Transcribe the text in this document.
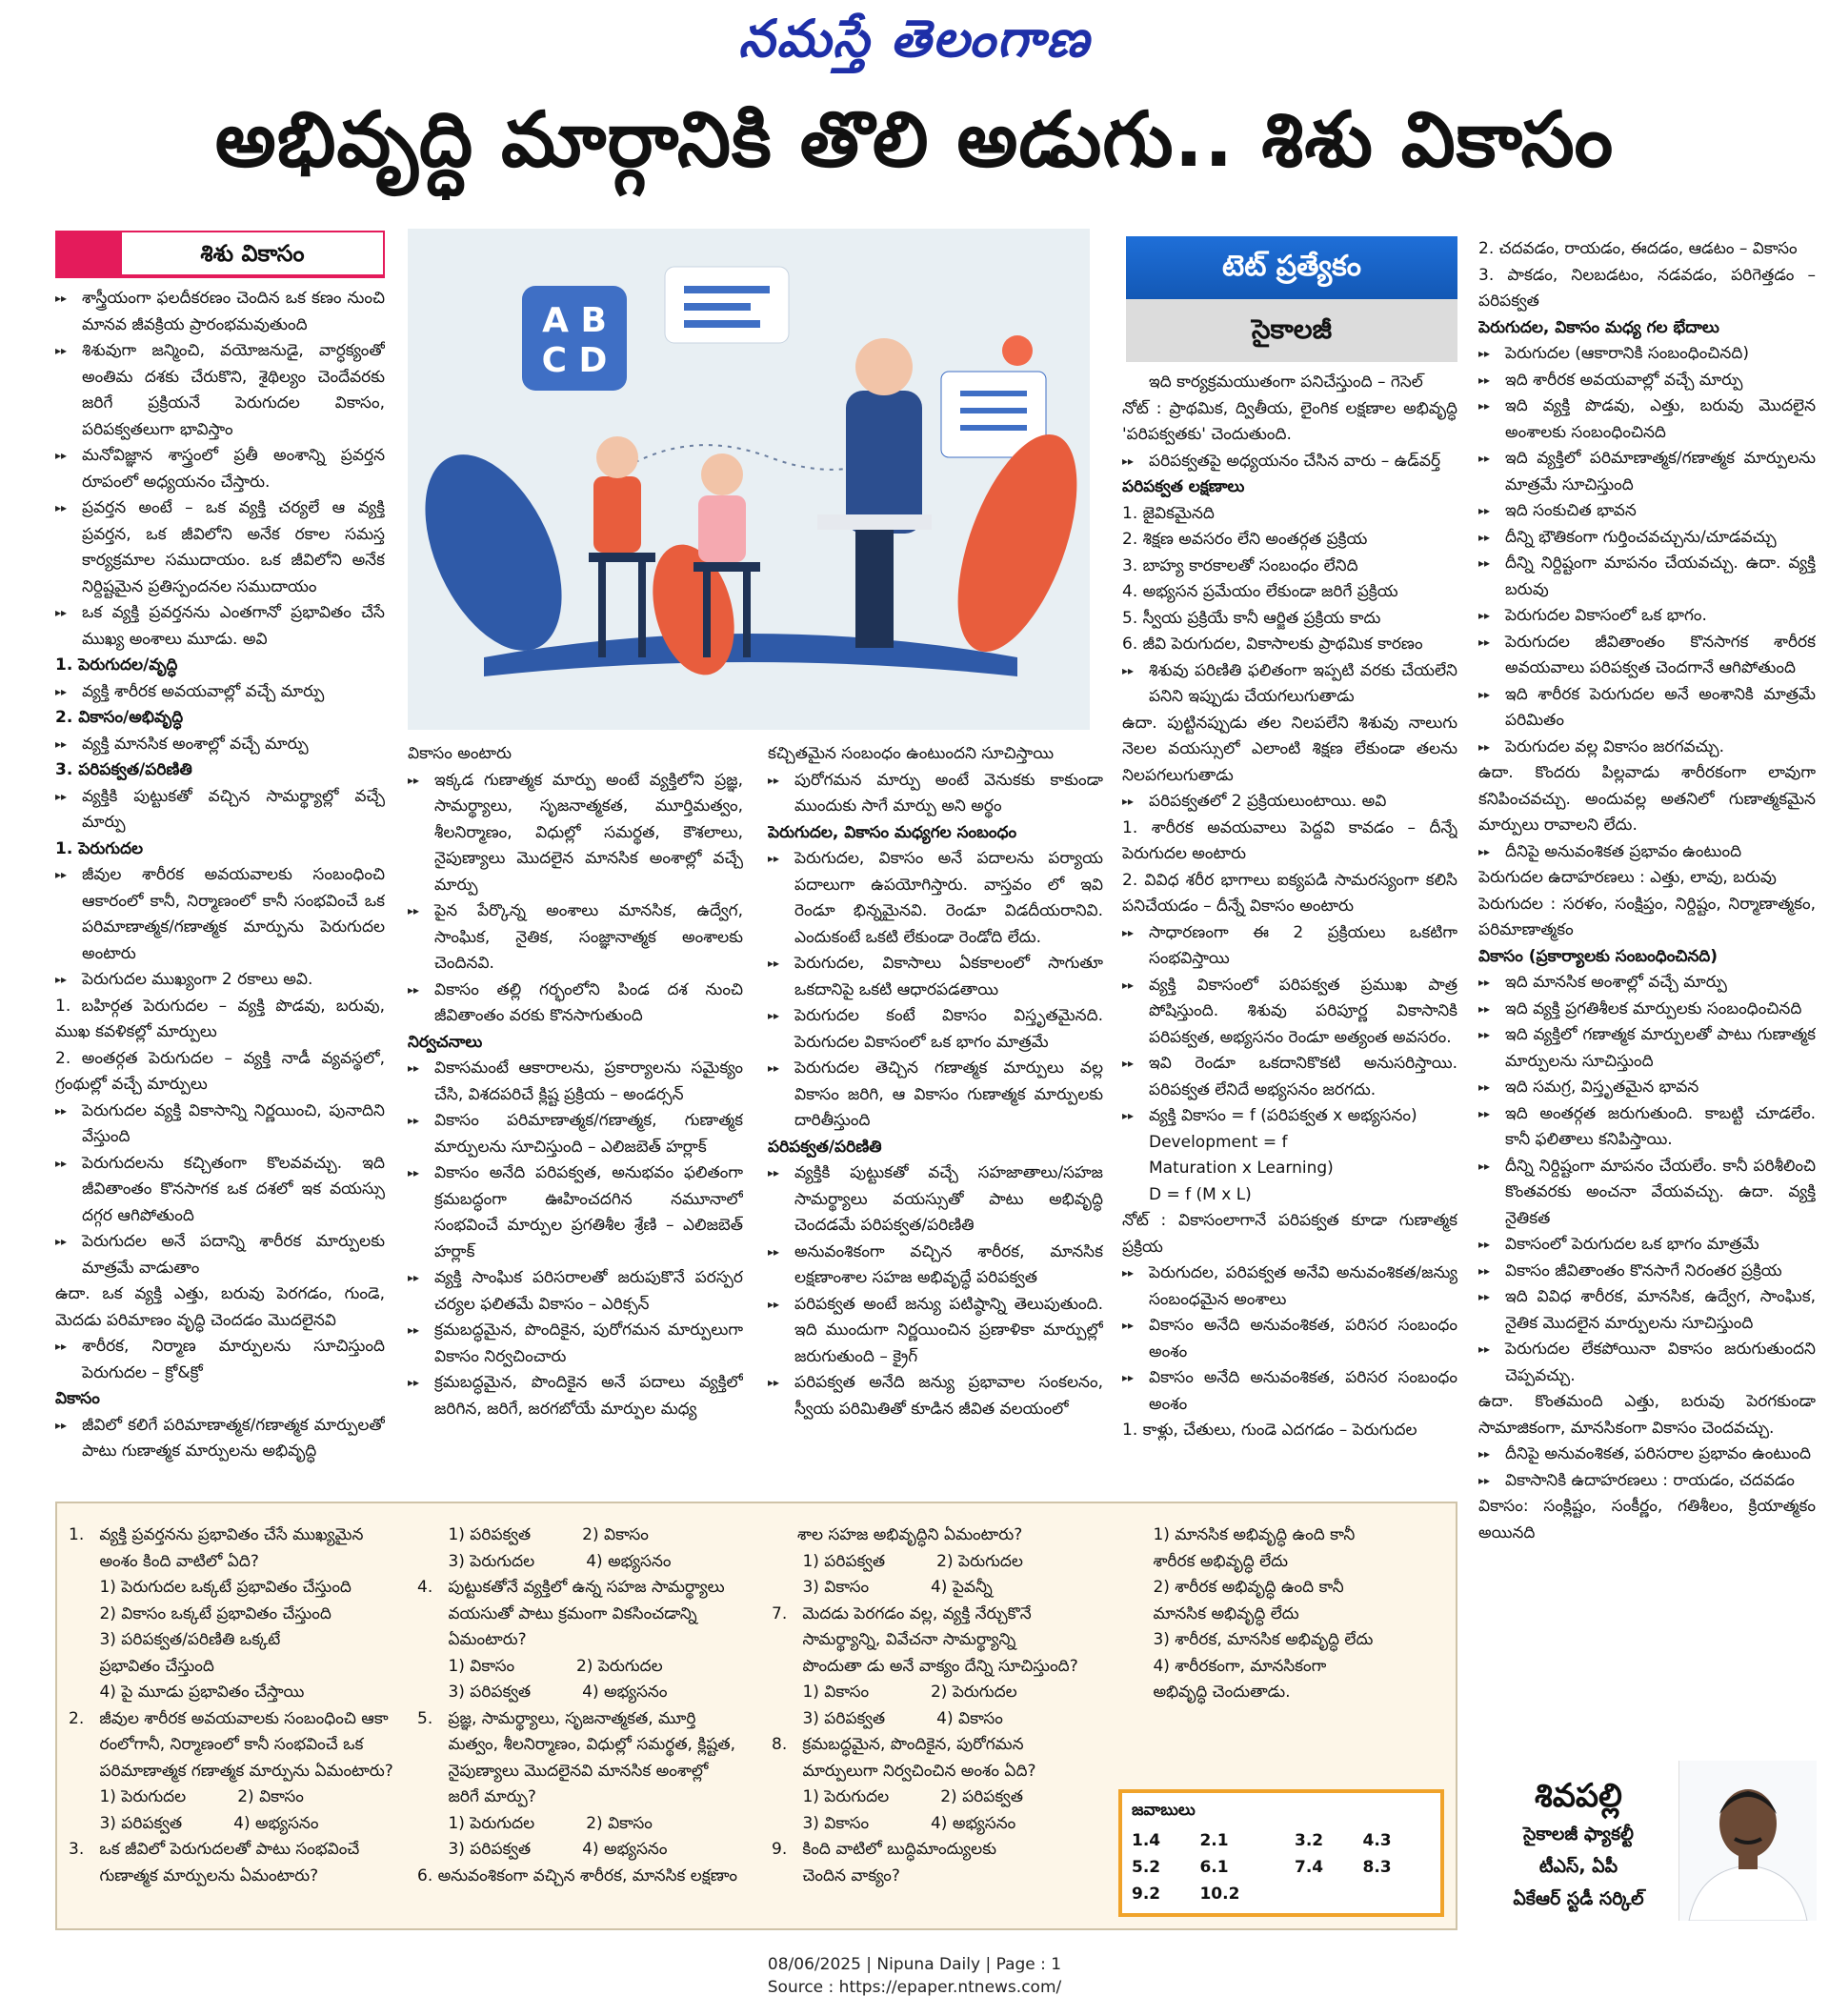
నమస్తే తెలంగాణ
అభివృద్ధి మార్గానికి తొలి అడుగు.. శిశు వికాసం
శిశు వికాసం

▸▸ శాస్త్రీయంగా ఫలదీకరణం చెందిన ఒక కణం నుంచి మానవ జీవక్రియ ప్రారంభమవుతుంది

▸▸ శిశువుగా జన్మించి, వయోజనుడై, వార్ధక్యంతో అంతిమ దశకు చేరుకొని, శైథిల్యం చెందేవరకు జరిగే ప్రక్రియనే పెరుగుదల వికాసం, పరిపక్వతలుగా భావిస్తాం

▸▸ మనోవిజ్ఞాన శాస్త్రంలో ప్రతీ అంశాన్ని ప్రవర్తన రూపంలో అధ్యయనం చేస్తారు.

▸▸ ప్రవర్తన అంటే – ఒక వ్యక్తి చర్యలే ఆ వ్యక్తి ప్రవర్తన, ఒక జీవిలోని అనేక రకాల సమస్త కార్యక్రమాల సముదాయం. ఒక జీవిలోని అనేక నిర్దిష్టమైన ప్రతిస్పందనల సముదాయం

▸▸ ఒక వ్యక్తి ప్రవర్తనను ఎంతగానో ప్రభావితం చేసే ముఖ్య అంశాలు మూడు. అవి

1. పెరుగుదల/వృద్ధి

▸▸ వ్యక్తి శారీరక అవయవాల్లో వచ్చే మార్పు

2. వికాసం/అభివృద్ధి

▸▸ వ్యక్తి మానసిక అంశాల్లో వచ్చే మార్పు

3. పరిపక్వత/పరిణితి

▸▸ వ్యక్తికి పుట్టుకతో వచ్చిన సామర్థ్యాల్లో వచ్చే మార్పు

1. పెరుగుదల

▸▸ జీవుల శారీరక అవయవాలకు సంబంధించి ఆకారంలో కానీ, నిర్మాణంలో కానీ సంభవించే ఒక పరిమాణాత్మక/గణాత్మక మార్పును పెరుగుదల అంటారు

▸▸ పెరుగుదల ముఖ్యంగా 2 రకాలు అవి.

1. బహిర్గత పెరుగుదల – వ్యక్తి పొడవు, బరువు, ముఖ కవళికల్లో మార్పులు

2. అంతర్గత పెరుగుదల – వ్యక్తి నాడీ వ్యవస్థలో, గ్రంథుల్లో వచ్చే మార్పులు

▸▸ పెరుగుదల వ్యక్తి వికాసాన్ని నిర్ణయించి, పునాదిని వేస్తుంది

▸▸ పెరుగుదలను కచ్చితంగా కొలవవచ్చు. ఇది జీవితాంతం కొనసాగక ఒక దశలో ఇక వయస్సు దగ్గర ఆగిపోతుంది

▸▸ పెరుగుదల అనే పదాన్ని శారీరక మార్పులకు మాత్రమే వాడుతాం

ఉదా. ఒక వ్యక్తి ఎత్తు, బరువు పెరగడం, గుండె, మెదడు పరిమాణం వృద్ధి చెందడం మొదలైనవి

▸▸ శారీరక, నిర్మాణ మార్పులను సూచిస్తుంది పెరుగుదల – క్రో&క్రో

వికాసం

▸▸ జీవిలో కలిగే పరిమాణాత్మక/గణాత్మక మార్పులతో పాటు గుణాత్మక మార్పులను అభివృద్ధి

A B
C D

వికాసం అంటారు

▸▸ ఇక్కడ గుణాత్మక మార్పు అంటే వ్యక్తిలోని ప్రజ్ఞ, సామర్థ్యాలు, సృజనాత్మకత, మూర్తిమత్వం, శీలనిర్మాణం, విధుల్లో సమర్థత, కౌశలాలు, నైపుణ్యాలు మొదలైన మానసిక అంశాల్లో వచ్చే మార్పు

▸▸ పైన పేర్కొన్న అంశాలు మానసిక, ఉద్వేగ, సాంఘిక, నైతిక, సంజ్ఞానాత్మక అంశాలకు చెందినవి.

▸▸ వికాసం తల్లి గర్భంలోని పిండ దశ నుంచి జీవితాంతం వరకు కొనసాగుతుంది

నిర్వచనాలు

▸▸ వికాసమంటే ఆకారాలను, ప్రకార్యాలను సమైక్యం చేసి, విశదపరిచే క్లిష్ట ప్రక్రియ – అండర్సన్

▸▸ వికాసం పరిమాణాత్మక/గణాత్మక, గుణాత్మక మార్పులను సూచిస్తుంది – ఎలిజబెత్ హర్లాక్

▸▸ వికాసం అనేది పరిపక్వత, అనుభవం ఫలితంగా క్రమబద్ధంగా ఊహించదగిన నమూనాలో సంభవించే మార్పుల ప్రగతిశీల శ్రేణి – ఎలిజబెత్ హర్లాక్

▸▸ వ్యక్తి సాంఘిక పరిసరాలతో జరుపుకొనే పరస్పర చర్యల ఫలితమే వికాసం – ఎరిక్సన్

▸▸ క్రమబద్ధమైన, పొందికైన, పురోగమన మార్పులుగా వికాసం నిర్వచించారు

▸▸ క్రమబద్ధమైన, పొందికైన అనే పదాలు వ్యక్తిలో జరిగిన, జరిగే, జరగబోయే మార్పుల మధ్య

కచ్చితమైన సంబంధం ఉంటుందని సూచిస్తాయి

▸▸ పురోగమన మార్పు అంటే వెనుకకు కాకుండా ముందుకు సాగే మార్పు అని అర్థం

పెరుగుదల, వికాసం మధ్యగల సంబంధం

▸▸ పెరుగుదల, వికాసం అనే పదాలను పర్యాయ పదాలుగా ఉపయోగిస్తారు. వాస్తవం లో ఇవి రెండూ భిన్నమైనవి. రెండూ విడదీయరానివి. ఎందుకంటే ఒకటి లేకుండా రెండోది లేదు.

▸▸ పెరుగుదల, వికాసాలు ఏకకాలంలో సాగుతూ ఒకదానిపై ఒకటి ఆధారపడతాయి

▸▸ పెరుగుదల కంటే వికాసం విస్తృతమైనది. పెరుగుదల వికాసంలో ఒక భాగం మాత్రమే

▸▸ పెరుగుదల తెచ్చిన గణాత్మక మార్పులు వల్ల వికాసం జరిగి, ఆ వికాసం గుణాత్మక మార్పులకు దారితీస్తుంది

పరిపక్వత/పరిణితి

▸▸ వ్యక్తికి పుట్టుకతో వచ్చే సహజాతాలు/సహజ సామర్థ్యాలు వయస్సుతో పాటు అభివృద్ధి చెందడమే పరిపక్వత/పరిణితి

▸▸ అనువంశికంగా వచ్చిన శారీరక, మానసిక లక్షణాంశాల సహజ అభివృద్ధే పరిపక్వత

▸▸ పరిపక్వత అంటే జన్యు పటిష్ఠాన్ని తెలుపుతుంది. ఇది ముందుగా నిర్ణయించిన ప్రణాళికా మార్పుల్లో జరుగుతుంది – క్రైగ్

▸▸ పరిపక్వత అనేది జన్యు ప్రభావాల సంకలనం, స్వీయ పరిమితితో కూడిన జీవిత వలయంలో

టెట్ ప్రత్యేకం
సైకాలజీ

ఇది కార్యక్రమయుతంగా పనిచేస్తుంది – గెసెల్

నోట్ : ప్రాథమిక, ద్వితీయ, లైంగిక లక్షణాల అభివృద్ధి 'పరిపక్వతకు' చెందుతుంది.

▸▸ పరిపక్వతపై అధ్యయనం చేసిన వారు – ఉడ్‌వర్త్

పరిపక్వత లక్షణాలు

1. జైవికమైనది

2. శిక్షణ అవసరం లేని అంతర్గత ప్రక్రియ

3. బాహ్య కారకాలతో సంబంధం లేనిది

4. అభ్యసన ప్రమేయం లేకుండా జరిగే ప్రక్రియ

5. స్వీయ ప్రక్రియే కానీ ఆర్జిత ప్రక్రియ కాదు

6. జీవి పెరుగుదల, వికాసాలకు ప్రాథమిక కారణం

▸▸ శిశువు పరిణితి ఫలితంగా ఇప్పటి వరకు చేయలేని పనిని ఇప్పుడు చేయగలుగుతాడు

ఉదా. పుట్టినప్పుడు తల నిలపలేని శిశువు నాలుగు నెలల వయస్సులో ఎలాంటి శిక్షణ లేకుండా తలను నిలపగలుగుతాడు

▸▸ పరిపక్వతలో 2 ప్రక్రియలుంటాయి. అవి

1. శారీరక అవయవాలు పెద్దవి కావడం – దీన్నే పెరుగుదల అంటారు

2. వివిధ శరీర భాగాలు ఐక్యపడి సామరస్యంగా కలిసి పనిచేయడం – దీన్నే వికాసం అంటారు

▸▸ సాధారణంగా ఈ 2 ప్రక్రియలు ఒకటిగా సంభవిస్తాయి

▸▸ వ్యక్తి వికాసంలో పరిపక్వత ప్రముఖ పాత్ర పోషిస్తుంది. శిశువు పరిపూర్ణ వికాసానికి పరిపక్వత, అభ్యసనం రెండూ అత్యంత అవసరం.

▸▸ ఇవి రెండూ ఒకదానికొకటి అనుసరిస్తాయి. పరిపక్వత లేనిదే అభ్యసనం జరగదు.

▸▸ వ్యక్తి వికాసం = f (పరిపక్వత x అభ్యసనం)

Development = f

Maturation x Learning)

D = f (M x L)

నోట్ : వికాసంలాగానే పరిపక్వత కూడా గుణాత్మక ప్రక్రియ

▸▸ పెరుగుదల, పరిపక్వత అనేవి అనువంశికత/జన్యు సంబంధమైన అంశాలు

▸▸ వికాసం అనేది అనువంశికత, పరిసర సంబంధం అంశం

▸▸ వికాసం అనేది అనువంశికత, పరిసర సంబంధం అంశం

1. కాళ్లు, చేతులు, గుండె ఎదగడం – పెరుగుదల

2. చదవడం, రాయడం, ఈదడం, ఆడటం – వికాసం

3. పాకడం, నిలబడటం, నడవడం, పరిగెత్తడం – పరిపక్వత

పెరుగుదల, వికాసం మధ్య గల భేదాలు

▸▸ పెరుగుదల (ఆకారానికి సంబంధించినది)

▸▸ ఇది శారీరక అవయవాల్లో వచ్చే మార్పు

▸▸ ఇది వ్యక్తి పొడవు, ఎత్తు, బరువు మొదలైన అంశాలకు సంబంధించినది

▸▸ ఇది వ్యక్తిలో పరిమాణాత్మక/గణాత్మక మార్పులను మాత్రమే సూచిస్తుంది

▸▸ ఇది సంకుచిత భావన

▸▸ దీన్ని భౌతికంగా గుర్తించవచ్చును/చూడవచ్చు

▸▸ దీన్ని నిర్దిష్టంగా మాపనం చేయవచ్చు. ఉదా. వ్యక్తి బరువు

▸▸ పెరుగుదల వికాసంలో ఒక భాగం.

▸▸ పెరుగుదల జీవితాంతం కొనసాగక శారీరక అవయవాలు పరిపక్వత చెందగానే ఆగిపోతుంది

▸▸ ఇది శారీరక పెరుగుదల అనే అంశానికి మాత్రమే పరిమితం

▸▸ పెరుగుదల వల్ల వికాసం జరగవచ్చు.

ఉదా. కొందరు పిల్లవాడు శారీరకంగా లావుగా కనిపించవచ్చు. అందువల్ల అతనిలో గుణాత్మకమైన మార్పులు రావాలని లేదు.

▸▸ దీనిపై అనువంశికత ప్రభావం ఉంటుంది

పెరుగుదల ఉదాహరణలు : ఎత్తు, లావు, బరువు

పెరుగుదల : సరళం, సంక్షిప్తం, నిర్దిష్టం, నిర్మాణాత్మకం, పరిమాణాత్మకం

వికాసం (ప్రకార్యాలకు సంబంధించినది)

▸▸ ఇది మానసిక అంశాల్లో వచ్చే మార్పు

▸▸ ఇది వ్యక్తి ప్రగతిశీలక మార్పులకు సంబంధించినది

▸▸ ఇది వ్యక్తిలో గణాత్మక మార్పులతో పాటు గుణాత్మక మార్పులను సూచిస్తుంది

▸▸ ఇది సమగ్ర, విస్తృతమైన భావన

▸▸ ఇది అంతర్గత జరుగుతుంది. కాబట్టి చూడలేం. కానీ ఫలితాలు కనిపిస్తాయి.

▸▸ దీన్ని నిర్దిష్టంగా మాపనం చేయలేం. కానీ పరిశీలించి కొంతవరకు అంచనా వేయవచ్చు. ఉదా. వ్యక్తి నైతికత

▸▸ వికాసంలో పెరుగుదల ఒక భాగం మాత్రమే

▸▸ వికాసం జీవితాంతం కొనసాగే నిరంతర ప్రక్రియ

▸▸ ఇది వివిధ శారీరక, మానసిక, ఉద్వేగ, సాంఘిక, నైతిక మొదలైన మార్పులను సూచిస్తుంది

▸▸ పెరుగుదల లేకపోయినా వికాసం జరుగుతుందని చెప్పవచ్చు.

ఉదా. కొంతమంది ఎత్తు, బరువు పెరగకుండా సామాజికంగా, మానసికంగా వికాసం చెందవచ్చు.

▸▸ దీనిపై అనువంశికత, పరిసరాల ప్రభావం ఉంటుంది

▸▸ వికాసానికి ఉదాహరణలు : రాయడం, చదవడం

వికాసం: సంక్లిష్టం, సంకీర్ణం, గతిశీలం, క్రియాత్మకం అయినది

1.   వ్యక్తి ప్రవర్తనను ప్రభావితం చేసే ముఖ్యమైన
అంశం కింది వాటిలో ఏది?
1) పెరుగుదల ఒక్కటే ప్రభావితం చేస్తుంది
2) వికాసం ఒక్కటే ప్రభావితం చేస్తుంది
3) పరిపక్వత/పరిణితి ఒక్కటే
ప్రభావితం చేస్తుంది
4) పై మూడు ప్రభావితం చేస్తాయి
2.   జీవుల శారీరక అవయవాలకు సంబంధించి ఆకా
రంలోగానీ, నిర్మాణంలో కానీ సంభవించే ఒక
పరిమాణాత్మక గణాత్మక మార్పును ఏమంటారు?
1) పెరుగుదల          2) వికాసం
3) పరిపక్వత          4) అభ్యసనం
3.   ఒక జీవిలో పెరుగుదలతో పాటు సంభవించే
గుణాత్మక మార్పులను ఏమంటారు?

1) పరిపక్వత          2) వికాసం
3) పెరుగుదల          4) అభ్యసనం
4.   పుట్టుకతోనే వ్యక్తిలో ఉన్న సహజ సామర్థ్యాలు
వయసుతో పాటు క్రమంగా వికసించడాన్ని
ఏమంటారు?
1) వికాసం            2) పెరుగుదల
3) పరిపక్వత          4) అభ్యసనం
5.   ప్రజ్ఞ, సామర్థ్యాలు, సృజనాత్మకత, మూర్తి
మత్వం, శీలనిర్మాణం, విధుల్లో సమర్థత, క్లిష్టత,
నైపుణ్యాలు మొదలైనవి మానసిక అంశాల్లో
జరిగే మార్పు?
1) పెరుగుదల          2) వికాసం
3) పరిపక్వత          4) అభ్యసనం
6. అనువంశికంగా వచ్చిన శారీరక, మానసిక లక్షణాం

శాల సహజ అభివృద్ధిని ఏమంటారు?
1) పరిపక్వత          2) పెరుగుదల
3) వికాసం            4) పైవన్నీ
7.   మెదడు పెరగడం వల్ల, వ్యక్తి నేర్చుకొనే
సామర్థ్యాన్ని, వివేచనా సామర్థ్యాన్ని
పొందుతా డు అనే వాక్యం దేన్ని సూచిస్తుంది?
1) వికాసం            2) పెరుగుదల
3) పరిపక్వత          4) వికాసం
8.   క్రమబద్ధమైన, పొందికైన, పురోగమన
మార్పులుగా నిర్వచించిన అంశం ఏది?
1) పెరుగుదల          2) పరిపక్వత
3) వికాసం            4) అభ్యసనం
9.   కింది వాటిలో బుద్ధిమాంద్యులకు
చెందిన వాక్యం?

1) మానసిక అభివృద్ధి ఉంది కానీ
శారీరక అభివృద్ధి లేదు
2) శారీరక అభివృద్ధి ఉంది కానీ
మానసిక అభివృద్ధి లేదు
3) శారీరక, మానసిక అభివృద్ధి లేదు
4) శారీరకంగా, మానసికంగా
అభివృద్ధి చెందుతాడు.

జవాబులు
1.4	2.1	3.2	4.3
5.2	6.1	7.4	8.3
9.2	10.2		
శివపల్లి
సైకాలజీ ఫ్యాకల్టీ
టీఎస్, ఏపీ
ఏకేఆర్ స్టడీ సర్కిల్
08/06/2025 | Nipuna Daily | Page : 1
Source : https://epaper.ntnews.com/
